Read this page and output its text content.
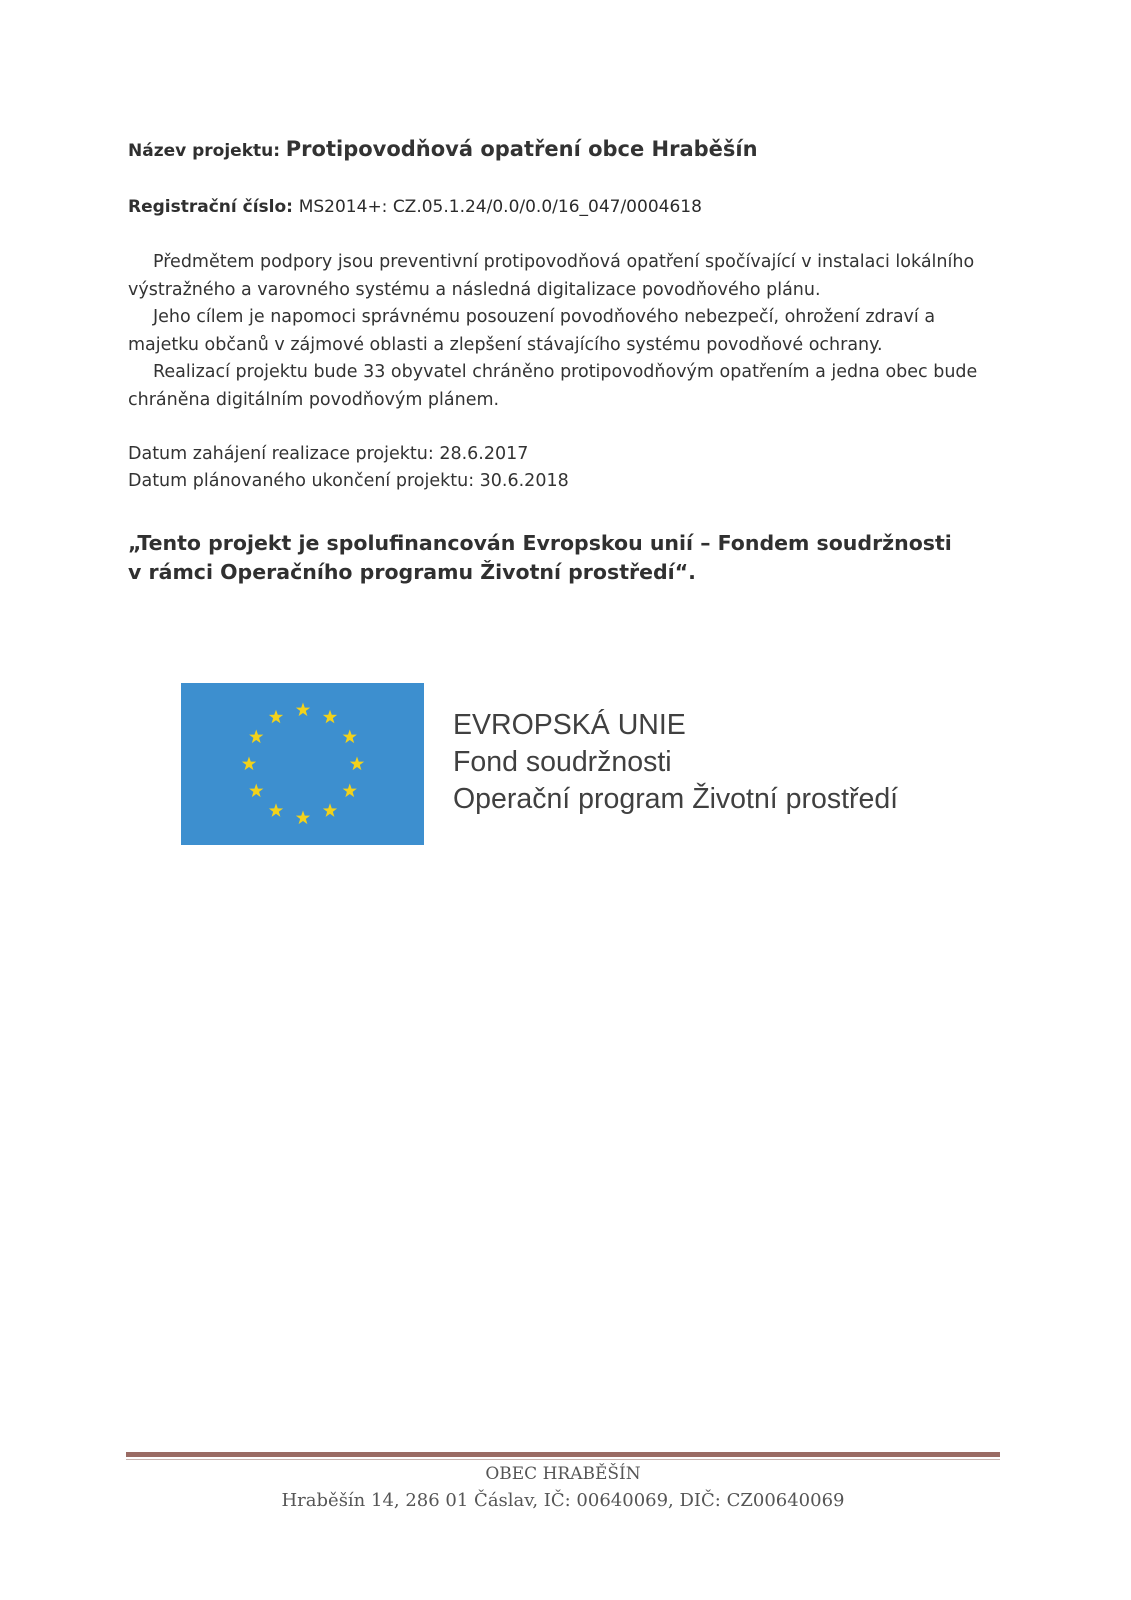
Název projektu: Protipovodňová opatření obce Hraběšín
Registrační číslo: MS2014+: CZ.05.1.24/0.0/0.0/16_047/0004618

Předmětem podpory jsou preventivní protipovodňová opatření spočívající v instalaci lokálního výstražného a varovného systému a následná digitalizace povodňového plánu.

Jeho cílem je napomoci správnému posouzení povodňového nebezpečí, ohrožení zdraví a majetku občanů v zájmové oblasti a zlepšení stávajícího systému povodňové ochrany.

Realizací projektu bude 33 obyvatel chráněno protipovodňovým opatřením a jedna obec bude chráněna digitálním povodňovým plánem.

Datum zahájení realizace projektu: 28.6.2017
Datum plánovaného ukončení projektu: 30.6.2018
„Tento projekt je spolufinancován Evropskou unií – Fondem soudržnosti
v rámci Operačního programu Životní prostředí“.
EVROPSKÁ UNIE
Fond soudržnosti
Operační program Životní prostředí
OBEC HRABĚŠÍN
Hraběšín 14, 286 01 Čáslav, IČ: 00640069, DIČ: CZ00640069
